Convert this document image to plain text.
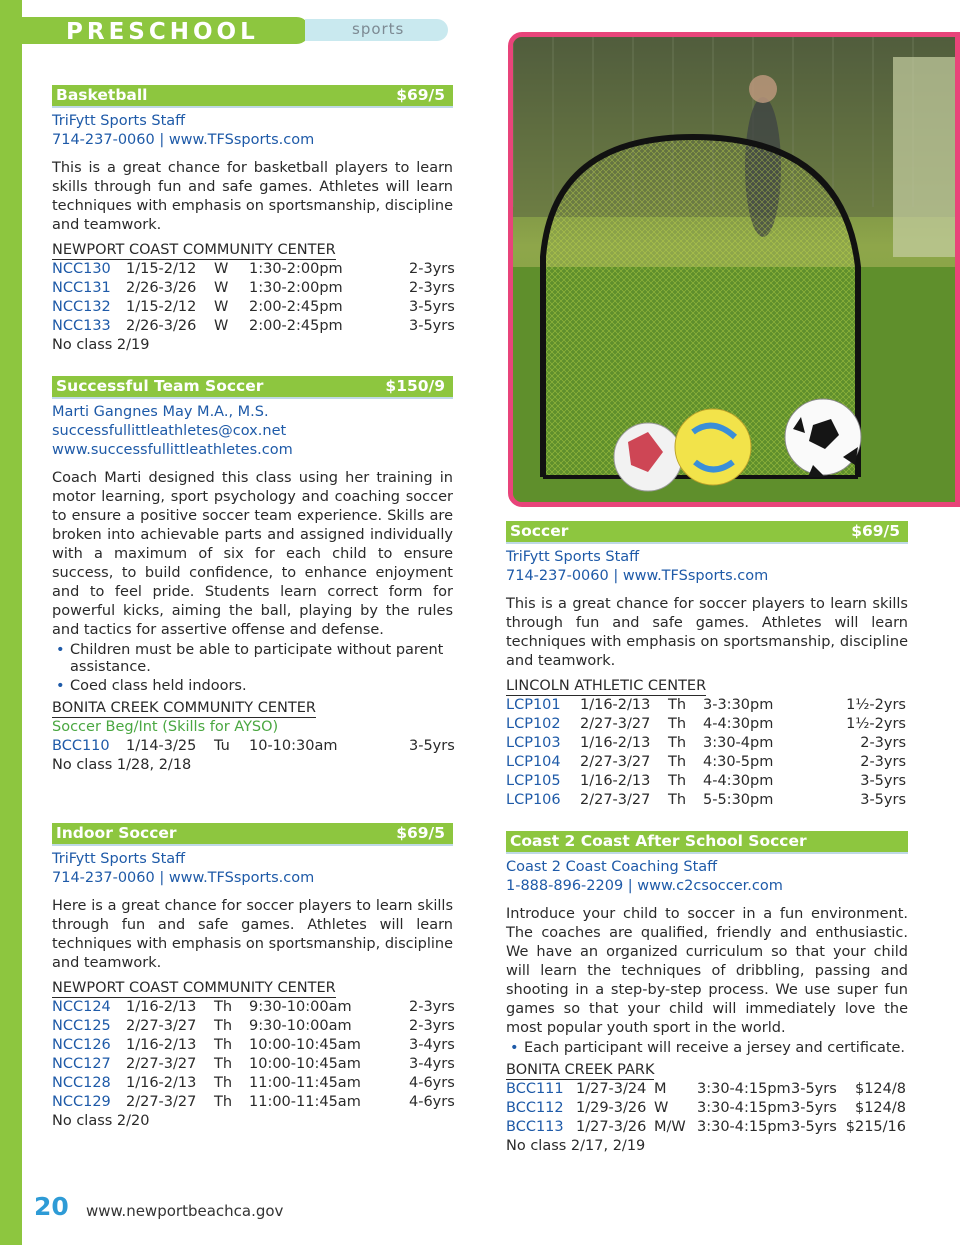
PRESCHOOL	sports
Basketball	$69/5
TriFytt Sports Staff
714-237-0060 | www.TFSsports.com
This is a great chance for basketball players to learn skills through fun and safe games. Athletes will learn techniques with emphasis on sportsmanship, discipline and teamwork.
NEWPORT COAST COMMUNITY CENTER
NCC130 1/15-2/12 W 1:30-2:00pm	2-3yrs
NCC131 2/26-3/26 W 1:30-2:00pm	2-3yrs
NCC132 1/15-2/12 W 2:00-2:45pm	3-5yrs
NCC133 2/26-3/26 W 2:00-2:45pm	3-5yrs
No class 2/19
Successful Team Soccer	$150/9
Marti Gangnes May M.A., M.S.
successfullittleathletes@cox.net
www.successfullittleathletes.com
Coach Marti designed this class using her training in motor learning, sport psychology and coaching soccer to ensure a positive soccer team experience. Skills are broken into achievable parts and assigned individually with a maximum of six for each child to ensure success, to build confidence, to enhance enjoyment and to feel pride. Students learn correct form for powerful kicks, aiming the ball, playing by the rules and tactics for assertive offense and defense.
• Children must be able to participate without parent assistance.
• Coed class held indoors.
BONITA CREEK COMMUNITY CENTER
Soccer Beg/Int (Skills for AYSO)
BCC110 1/14-3/25 Tu 10-10:30am	3-5yrs
No class 1/28, 2/18
Indoor Soccer	$69/5
TriFytt Sports Staff
714-237-0060 | www.TFSsports.com
Here is a great chance for soccer players to learn skills through fun and safe games. Athletes will learn techniques with emphasis on sportsmanship, discipline and teamwork.
NEWPORT COAST COMMUNITY CENTER
NCC124 1/16-2/13 Th 9:30-10:00am	2-3yrs
NCC125 2/27-3/27 Th 9:30-10:00am	2-3yrs
NCC126 1/16-2/13 Th 10:00-10:45am	3-4yrs
NCC127 2/27-3/27 Th 10:00-10:45am	3-4yrs
NCC128 1/16-2/13 Th 11:00-11:45am	4-6yrs
NCC129 2/27-3/27 Th 11:00-11:45am	4-6yrs
No class 2/20
Soccer	$69/5
TriFytt Sports Staff
714-237-0060 | www.TFSsports.com
This is a great chance for soccer players to learn skills through fun and safe games. Athletes will learn techniques with emphasis on sportsmanship, discipline and teamwork.
LINCOLN ATHLETIC CENTER
LCP101 1/16-2/13 Th 3-3:30pm	1½-2yrs
LCP102 2/27-3/27 Th 4-4:30pm	1½-2yrs
LCP103 1/16-2/13 Th 3:30-4pm	2-3yrs
LCP104 2/27-3/27 Th 4:30-5pm	2-3yrs
LCP105 1/16-2/13 Th 4-4:30pm	3-5yrs
LCP106 2/27-3/27 Th 5-5:30pm	3-5yrs
Coast 2 Coast After School Soccer
Coast 2 Coast Coaching Staff
1-888-896-2209 | www.c2csoccer.com
Introduce your child to soccer in a fun environment. The coaches are qualified, friendly and enthusiastic. We have an organized curriculum so that your child will learn the techniques of dribbling, passing and shooting in a step-by-step process. We use super fun games so that your child will immediately love the most popular youth sport in the world.
• Each participant will receive a jersey and certificate.
BONITA CREEK PARK
BCC111 1/27-3/24 M 3:30-4:15pm 3-5yrs $124/8
BCC112 1/29-3/26 W 3:30-4:15pm 3-5yrs $124/8
BCC113 1/27-3/26 M/W 3:30-4:15pm 3-5yrs $215/16
No class 2/17, 2/19
20 www.newportbeachca.gov
